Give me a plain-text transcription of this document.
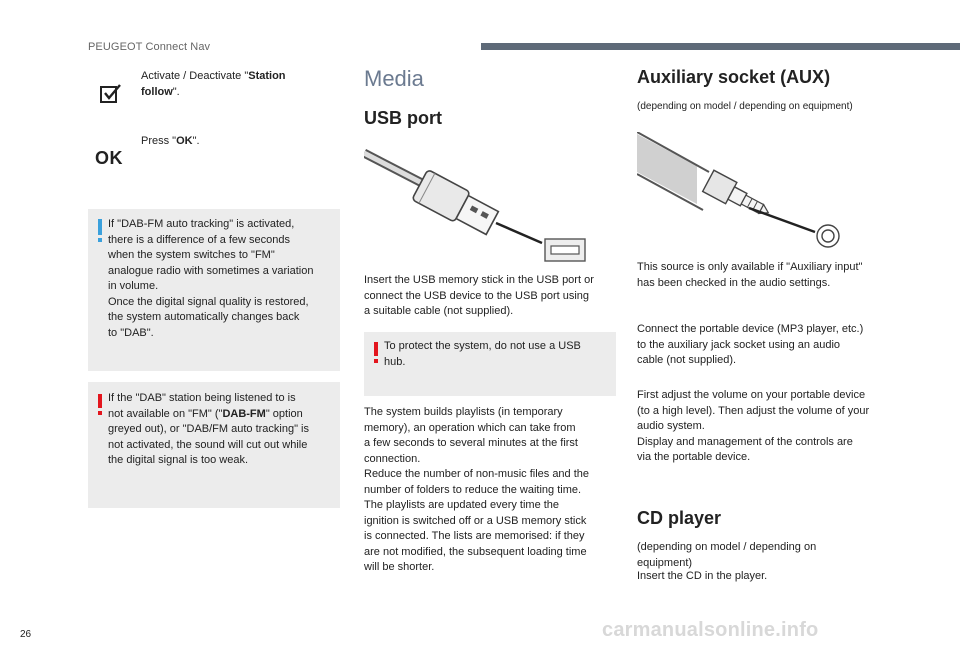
PEUGEOT Connect Nav
Activate / Deactivate "Station follow".
OK
Press "OK".
If "DAB-FM auto tracking" is activated,
there is a difference of a few seconds
when the system switches to "FM"
analogue radio with sometimes a variation
in volume.
Once the digital signal quality is restored,
the system automatically changes back
to "DAB".
If the "DAB" station being listened to is
not available on "FM" ("DAB-FM" option
greyed out), or "DAB/FM auto tracking" is
not activated, the sound will cut out while
the digital signal is too weak.
Media
USB port
Insert the USB memory stick in the USB port or
connect the USB device to the USB port using
a suitable cable (not supplied).
To protect the system, do not use a USB
hub.
The system builds playlists (in temporary
memory), an operation which can take from
a few seconds to several minutes at the first
connection.
Reduce the number of non-music files and the
number of folders to reduce the waiting time.
The playlists are updated every time the
ignition is switched off or a USB memory stick
is connected. The lists are memorised: if they
are not modified, the subsequent loading time
will be shorter.
Auxiliary socket (AUX)
(depending on model / depending on equipment)
This source is only available if "Auxiliary input"
has been checked in the audio settings.
Connect the portable device (MP3 player, etc.)
to the auxiliary jack socket using an audio
cable (not supplied).
First adjust the volume on your portable device
(to a high level). Then adjust the volume of your
audio system.
Display and management of the controls are
via the portable device.
CD player
(depending on model / depending on
equipment)
Insert the CD in the player.
26	carmanualsonline.info
